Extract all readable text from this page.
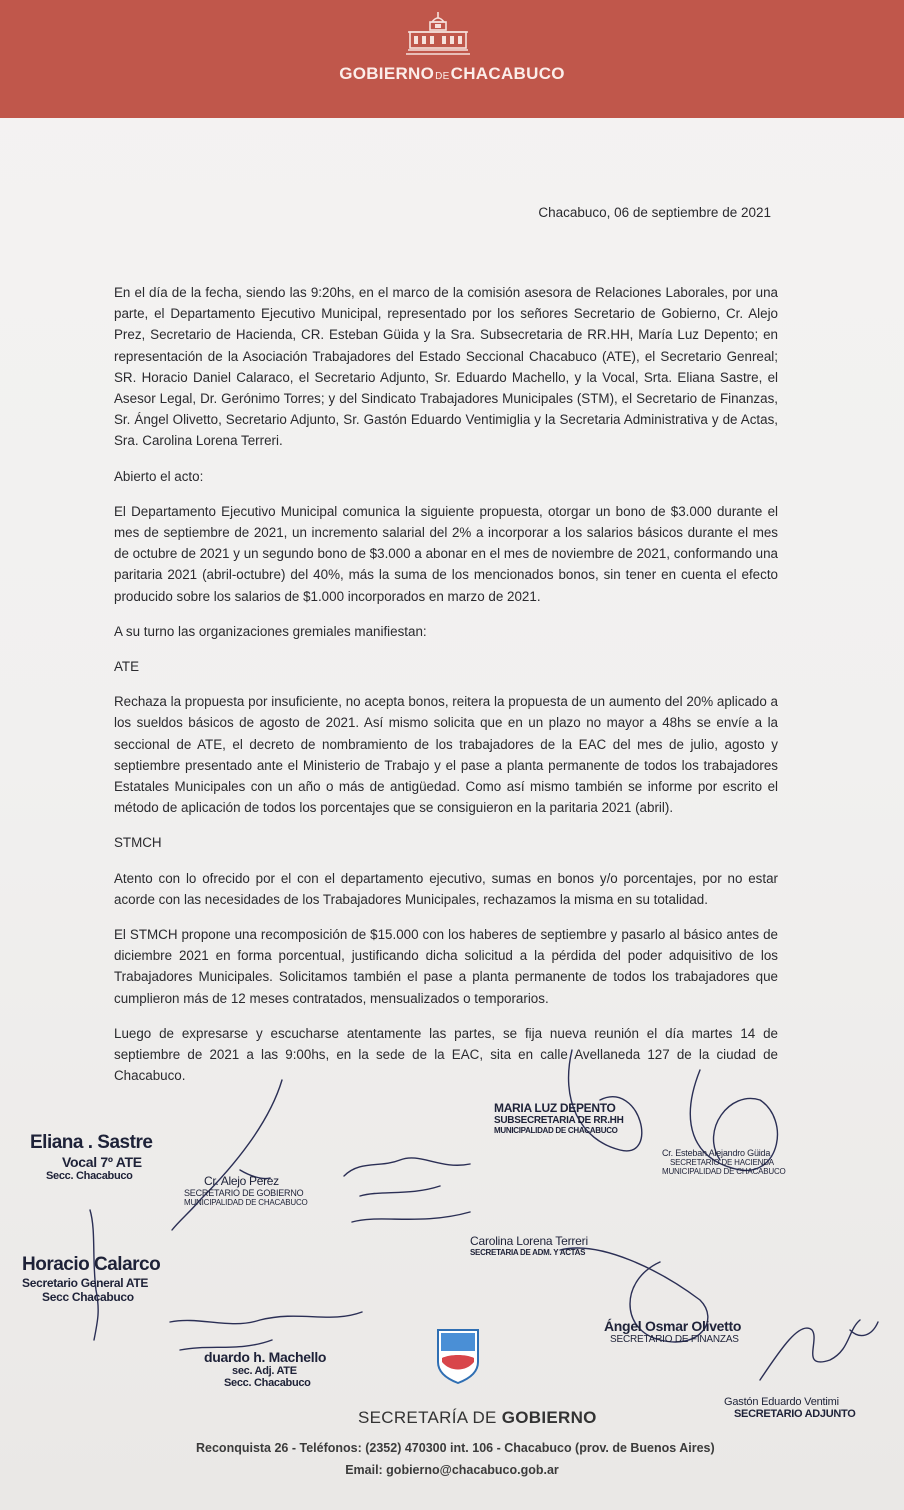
GOBIERNODECHACABUCO
Chacabuco, 06 de septiembre de 2021

En el día de la fecha, siendo las 9:20hs, en el marco de la comisión asesora de Relaciones Laborales, por una parte, el Departamento Ejecutivo Municipal, representado por los señores Secretario de Gobierno, Cr. Alejo Prez, Secretario de Hacienda, CR. Esteban Güida y la Sra. Subsecretaria de RR.HH, María Luz Depento; en representación de la Asociación Trabajadores del Estado Seccional Chacabuco (ATE), el Secretario Genreal; SR. Horacio Daniel Calaraco, el Secretario Adjunto, Sr. Eduardo Machello, y la Vocal, Srta. Eliana Sastre, el Asesor Legal, Dr. Gerónimo Torres; y del Sindicato Trabajadores Municipales (STM), el Secretario de Finanzas, Sr. Ángel Olivetto, Secretario Adjunto, Sr. Gastón Eduardo Ventimiglia y la Secretaria Administrativa y de Actas, Sra. Carolina Lorena Terreri.

Abierto el acto:

El Departamento Ejecutivo Municipal comunica la siguiente propuesta, otorgar un bono de $3.000 durante el mes de septiembre de 2021, un incremento salarial del 2% a incorporar a los salarios básicos durante el mes de octubre de 2021 y un segundo bono de $3.000 a abonar en el mes de noviembre de 2021, conformando una paritaria 2021 (abril-octubre) del 40%, más la suma de los mencionados bonos, sin tener en cuenta el efecto producido sobre los salarios de $1.000 incorporados en marzo de 2021.

A su turno las organizaciones gremiales manifiestan:

ATE

Rechaza la propuesta por insuficiente, no acepta bonos, reitera la propuesta de un aumento del 20% aplicado a los sueldos básicos de agosto de 2021. Así mismo solicita que en un plazo no mayor a 48hs se envíe a la seccional de ATE, el decreto de nombramiento de los trabajadores de la EAC del mes de julio, agosto y septiembre presentado ante el Ministerio de Trabajo y el pase a planta permanente de todos los trabajadores Estatales Municipales con un año o más de antigüedad. Como así mismo también se informe por escrito el método de aplicación de todos los porcentajes que se consiguieron en la paritaria 2021 (abril).

STMCH

Atento con lo ofrecido por el con el departamento ejecutivo, sumas en bonos y/o porcentajes, por no estar acorde con las necesidades de los Trabajadores Municipales, rechazamos la misma en su totalidad.

El STMCH propone una recomposición de $15.000 con los haberes de septiembre y pasarlo al básico antes de diciembre 2021 en forma porcentual, justificando dicha solicitud a la pérdida del poder adquisitivo de los Trabajadores Municipales. Solicitamos también el pase a planta permanente de todos los trabajadores que cumplieron más de 12 meses contratados, mensualizados o temporarios.

Luego de expresarse y escucharse atentamente las partes, se fija nueva reunión el día martes 14 de septiembre de 2021 a las 9:00hs, en la sede de la EAC, sita en calle Avellaneda 127 de la ciudad de Chacabuco.

Eliana . Sastre
Vocal 7º ATE
Secc. Chacabuco	Cr. Alejo Perez
SECRETARIO DE GOBIERNO
MUNICIPALIDAD DE CHACABUCO
MARIA LUZ DEPENTO
SUBSECRETARIA DE RR.HH
MUNICIPALIDAD DE CHACABUCO
Cr. Esteban Alejandro Güida
SECRETARIO DE HACIENDA
MUNICIPALIDAD DE CHACABUCO
Carolina Lorena Terreri
SECRETARIA DE ADM. Y ACTAS
Horacio Calarco
Secretario General ATE
Secc Chacabuco
duardo h. Machello
sec. Adj. ATE
Secc. Chacabuco
Ángel Osmar Olivetto
SECRETARIO DE FINANZAS
Gastón Eduardo Ventimi
SECRETARIO ADJUNTO
SECRETARÍA DE GOBIERNO
Reconquista 26 - Teléfonos: (2352) 470300 int. 106 - Chacabuco (prov. de Buenos Aires)
Email: gobierno@chacabuco.gob.ar
